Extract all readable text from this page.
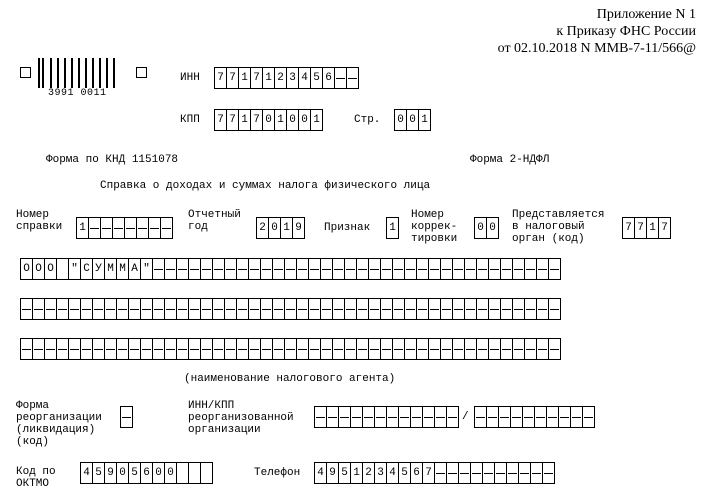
Приложение N 1
к Приказу ФНС России
от 02.10.2018 N ММВ-7-11/566@
3991 0011
ИНН 7 7 1 7 1 2 3 4 5 6
КПП 7 7 1 7 0 1 0 0 1	Стр. 0 0 1
Форма по КНД 1151078	Форма 2-НДФЛ
Справка о доходах и суммах налога физического лица
Номер
справки 1
Отчетный
год	2 0 1 9 Признак 1
Номер
коррек-
тировки
0 0
Представляется
в налоговый
орган (код)
7 7 1 7
О О О " С У М М А "
(наименование налогового агента)
Форма
реорганизации
(ликвидация)
(код)
ИНН/КПП
реорганизованной
организации
/
Код по
ОКТМО
4 5 9 0 5 6 0 0	Телефон 4 9 5 1 2 3 4 5 6 7
